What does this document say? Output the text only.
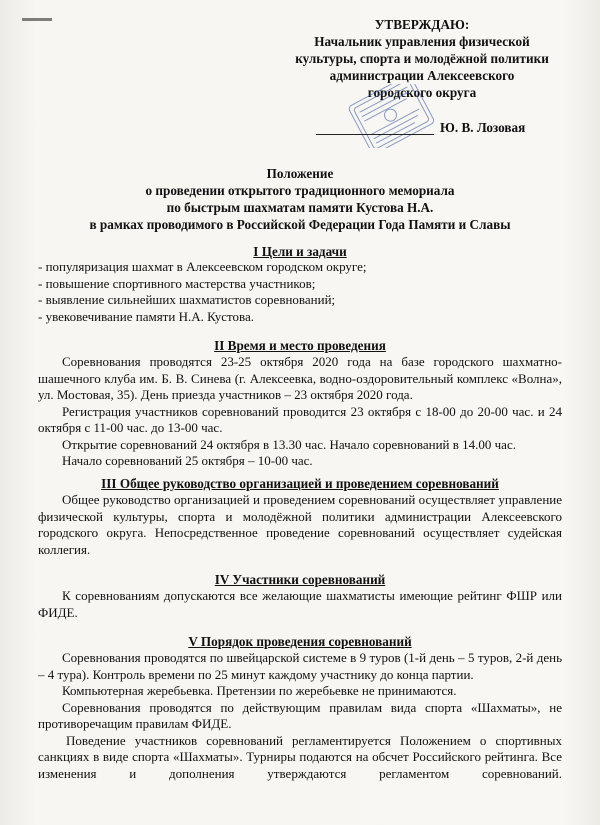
УТВЕРЖДАЮ:
Начальник управления физической
культуры, спорта и молодёжной политики
администрации Алексеевского
городского округа
Ю. В. Лозовая
Положение
о проведении открытого традиционного мемориала
по быстрым шахматам памяти Кустова Н.А.
в рамках проводимого в Российской Федерации Года Памяти и Славы
I Цели и задачи

- популяризация шахмат в Алексеевском городском округе;

- повышение спортивного мастерства участников;

- выявление сильнейших шахматистов соревнований;

- увековечивание памяти Н.А. Кустова.

II Время и место проведения

Соревнования проводятся 23-25 октября 2020 года на базе городского шахматно-шашечного клуба им. Б. В. Синева (г. Алексеевка, водно-оздоровительный комплекс «Волна», ул. Мостовая, 35). День приезда участников – 23 октября 2020 года.

Регистрация участников соревнований проводится 23 октября с 18-00 до 20-00 час. и 24 октября с 11-00 час. до 13-00 час.

Открытие соревнований 24 октября в 13.30 час. Начало соревнований в 14.00 час.

Начало соревнований 25 октября – 10-00 час.

III Общее руководство организацией и проведением соревнований

Общее руководство организацией и проведением соревнований осуществляет управление физической культуры, спорта и молодёжной политики администрации Алексеевского городского округа. Непосредственное проведение соревнований осуществляет судейская коллегия.

IV Участники соревнований

К соревнованиям допускаются все желающие шахматисты имеющие рейтинг ФШР или ФИДЕ.

V Порядок проведения соревнований

Соревнования проводятся по швейцарской системе в 9 туров (1-й день – 5 туров, 2-й день – 4 тура). Контроль времени по 25 минут каждому участнику до конца партии.

Компьютерная жеребьевка. Претензии по жеребьевке не принимаются.

Соревнования проводятся по действующим правилам вида спорта «Шахматы», не противоречащим правилам ФИДЕ.

Поведение участников соревнований регламентируется Положением о спортивных санкциях в виде спорта «Шахматы». Турниры подаются на обсчет Российского рейтинга. Все изменения и дополнения утверждаются регламентом соревнований.
